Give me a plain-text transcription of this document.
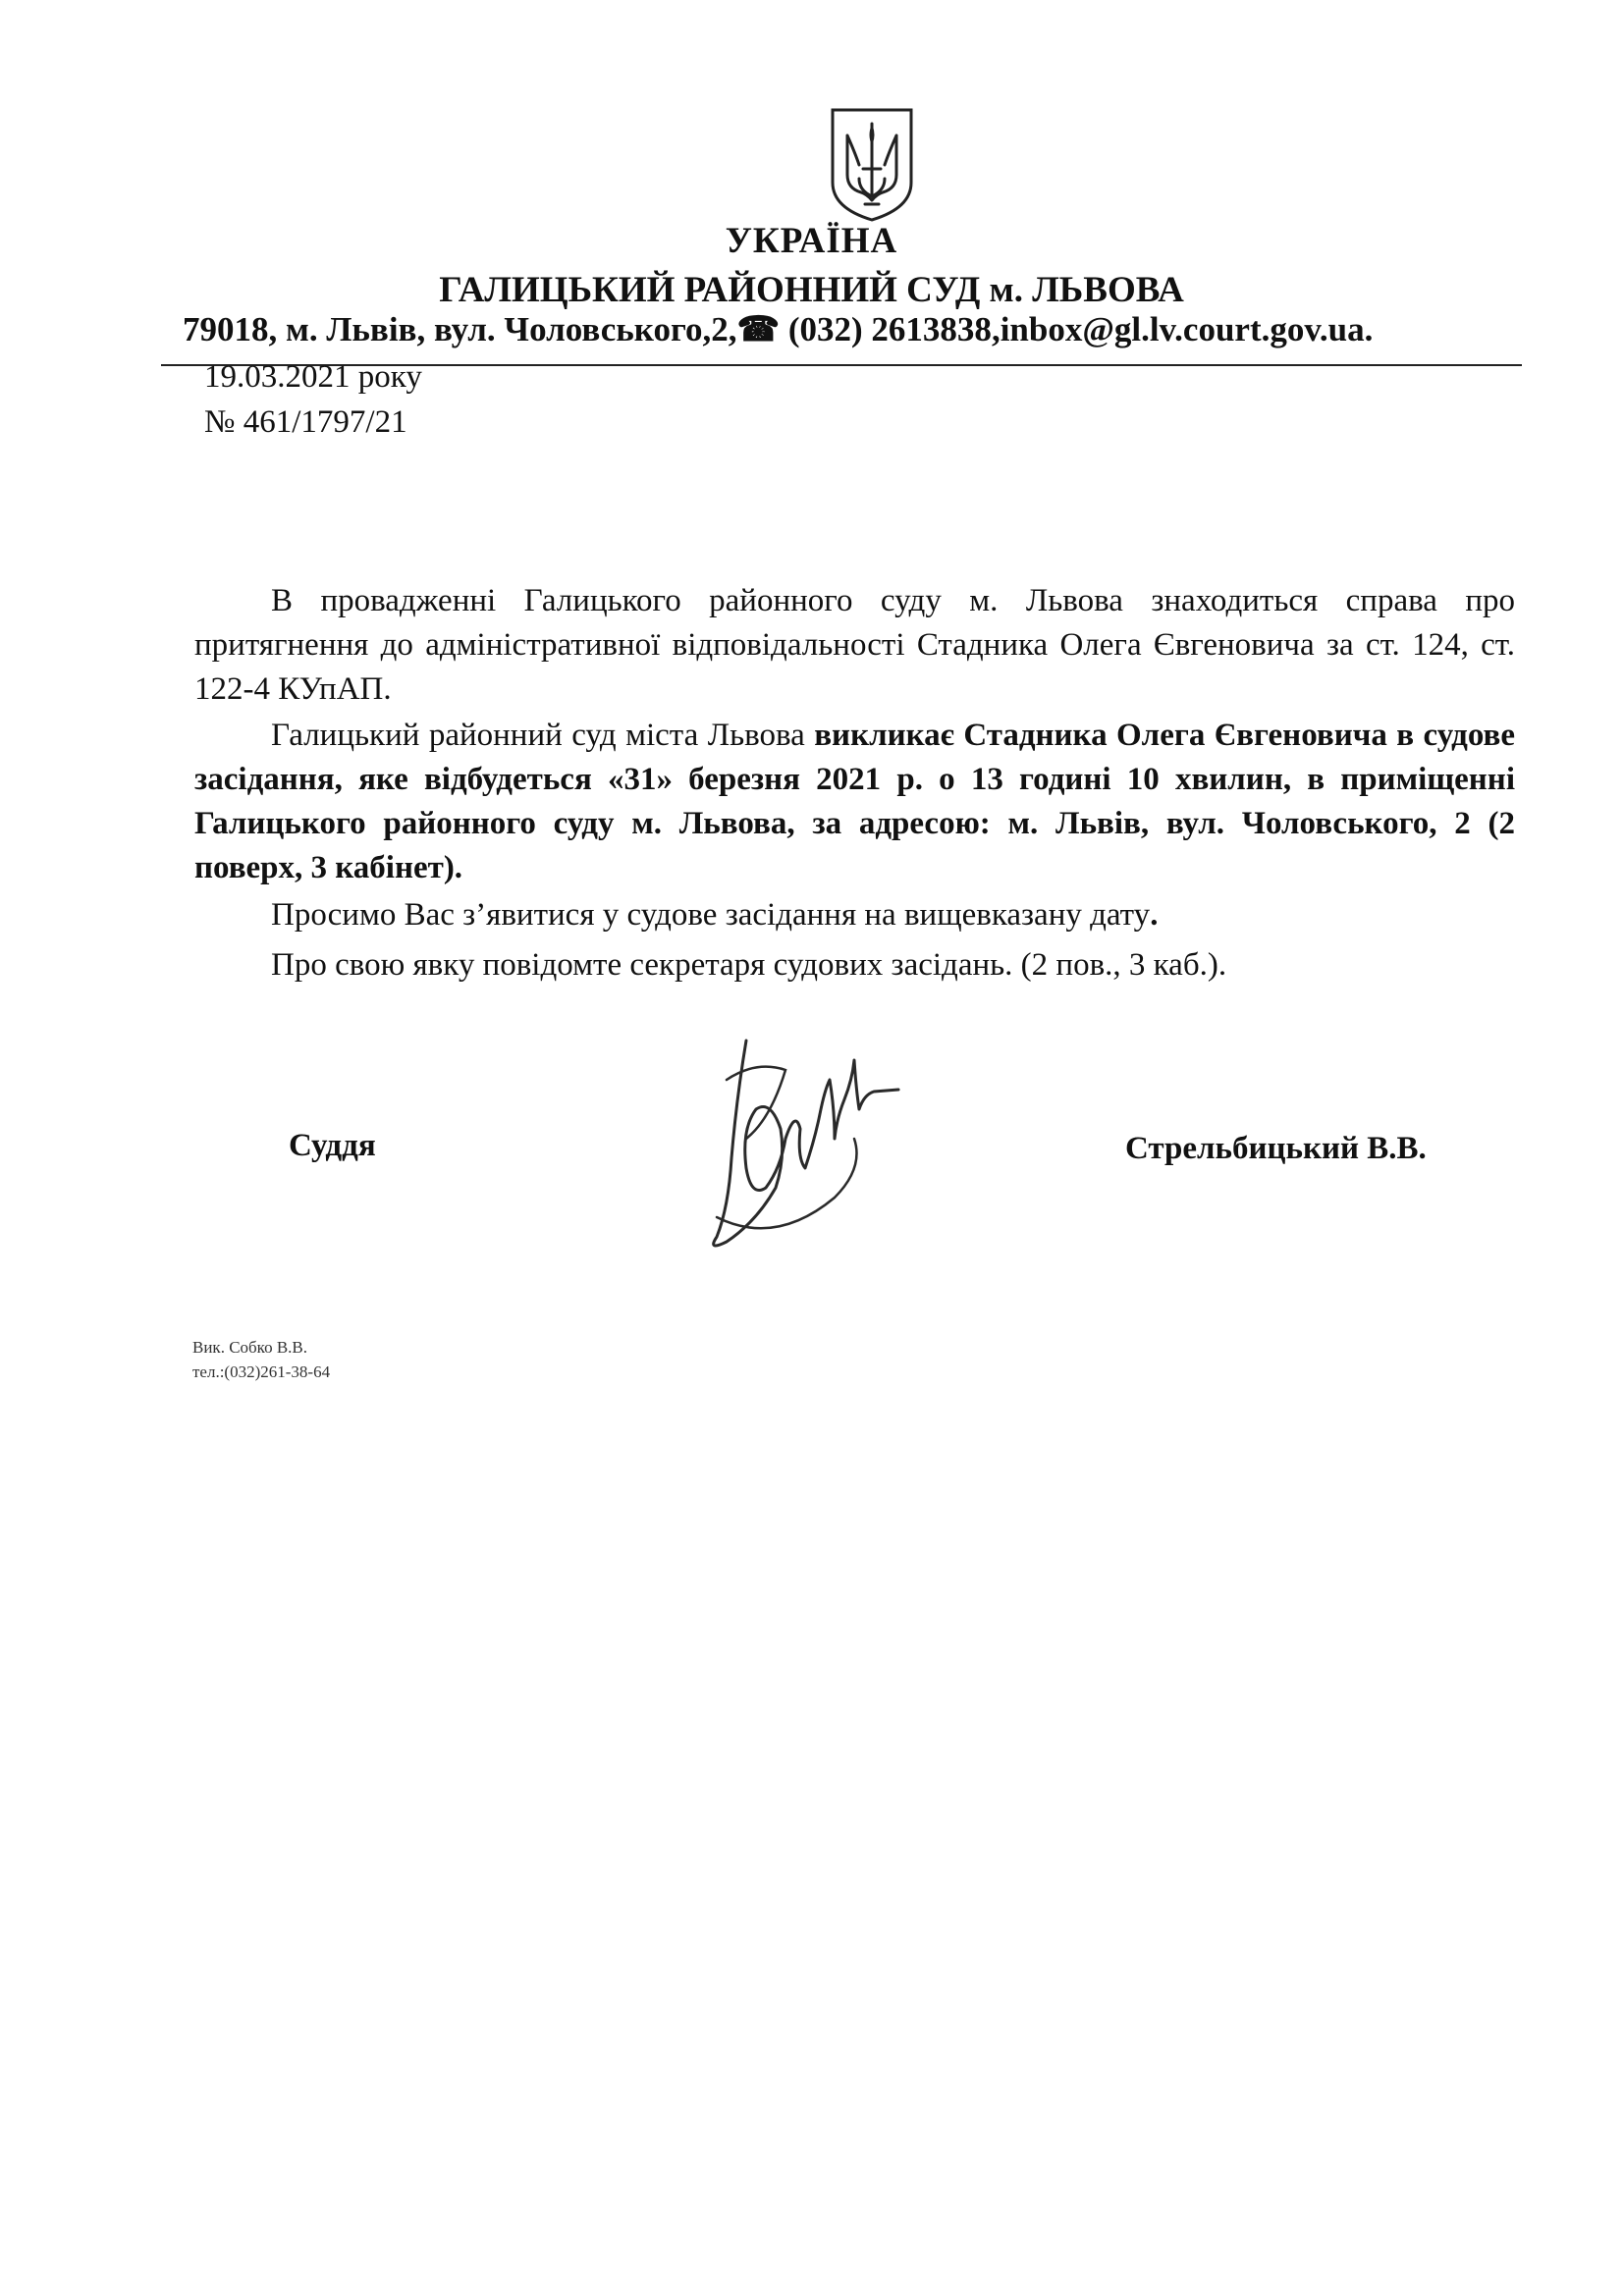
УКРАЇНА
ГАЛИЦЬКИЙ РАЙОННИЙ СУД м. ЛЬВОВА
79018, м. Львів, вул. Чоловського,2,☎ (032) 2613838,inbox@gl.lv.court.gov.ua.
19.03.2021 року
№ 461/1797/21
В провадженні Галицького районного суду м. Львова знаходиться справа про притягнення до адміністративної відповідальності Стадника Олега Євгеновича за ст. 124, ст. 122-4 КУпАП.
Галицький районний суд міста Львова викликає Стадника Олега Євгеновича в судове засідання, яке відбудеться «31» березня 2021 р. о 13 годині 10 хвилин, в приміщенні Галицького районного суду м. Львова, за адресою: м. Львів, вул. Чоловського, 2 (2 поверх, 3 кабінет).
Просимо Вас з’явитися у судове засідання на вищевказану дату.
Про свою явку повідомте секретаря судових засідань. (2 пов., 3 каб.).
Суддя	Стрельбицький В.В.
Вик. Собко В.В.
тел.:(032)261-38-64
